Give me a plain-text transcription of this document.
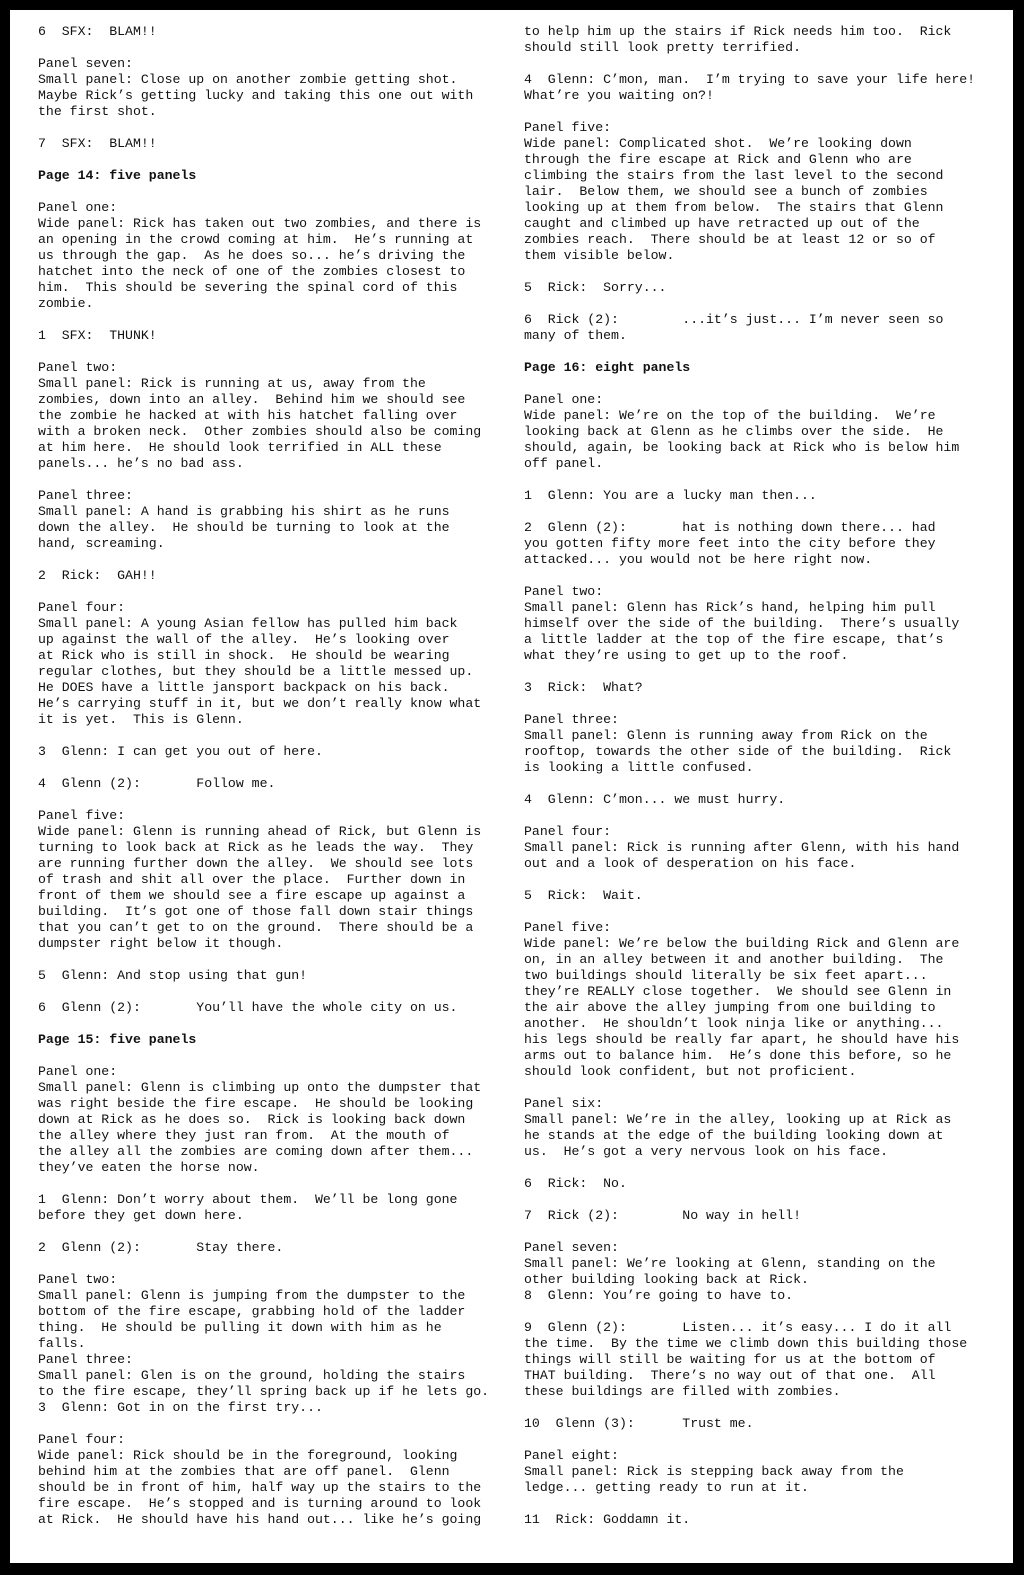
6  SFX:  BLAM!!
Panel seven:
Small panel: Close up on another zombie getting shot.
Maybe Rick’s getting lucky and taking this one out with
the first shot.
7  SFX:  BLAM!!
Page 14: five panels
Panel one:
Wide panel: Rick has taken out two zombies, and there is
an opening in the crowd coming at him.  He’s running at
us through the gap.  As he does so... he’s driving the
hatchet into the neck of one of the zombies closest to
him.  This should be severing the spinal cord of this
zombie.
1  SFX:  THUNK!
Panel two:
Small panel: Rick is running at us, away from the
zombies, down into an alley.  Behind him we should see
the zombie he hacked at with his hatchet falling over
with a broken neck.  Other zombies should also be coming
at him here.  He should look terrified in ALL these
panels... he’s no bad ass.
Panel three:
Small panel: A hand is grabbing his shirt as he runs
down the alley.  He should be turning to look at the
hand, screaming.
2  Rick:  GAH!!
Panel four:
Small panel: A young Asian fellow has pulled him back
up against the wall of the alley.  He’s looking over
at Rick who is still in shock.  He should be wearing
regular clothes, but they should be a little messed up.
He DOES have a little jansport backpack on his back.
He’s carrying stuff in it, but we don’t really know what
it is yet.  This is Glenn.
3  Glenn: I can get you out of here.
4  Glenn (2):       Follow me.
Panel five:
Wide panel: Glenn is running ahead of Rick, but Glenn is
turning to look back at Rick as he leads the way.  They
are running further down the alley.  We should see lots
of trash and shit all over the place.  Further down in
front of them we should see a fire escape up against a
building.  It’s got one of those fall down stair things
that you can’t get to on the ground.  There should be a
dumpster right below it though.
5  Glenn: And stop using that gun!
6  Glenn (2):       You’ll have the whole city on us.
Page 15: five panels
Panel one:
Small panel: Glenn is climbing up onto the dumpster that
was right beside the fire escape.  He should be looking
down at Rick as he does so.  Rick is looking back down
the alley where they just ran from.  At the mouth of
the alley all the zombies are coming down after them...
they’ve eaten the horse now.
1  Glenn: Don’t worry about them.  We’ll be long gone
before they get down here.
2  Glenn (2):       Stay there.
Panel two:
Small panel: Glenn is jumping from the dumpster to the
bottom of the fire escape, grabbing hold of the ladder
thing.  He should be pulling it down with him as he
falls.
Panel three:
Small panel: Glen is on the ground, holding the stairs
to the fire escape, they’ll spring back up if he lets go.
3  Glenn: Got in on the first try...
Panel four:
Wide panel: Rick should be in the foreground, looking
behind him at the zombies that are off panel.  Glenn
should be in front of him, half way up the stairs to the
fire escape.  He’s stopped and is turning around to look
at Rick.  He should have his hand out... like he’s going
to help him up the stairs if Rick needs him too.  Rick
should still look pretty terrified.
4  Glenn: C’mon, man.  I’m trying to save your life here!
What’re you waiting on?!
Panel five:
Wide panel: Complicated shot.  We’re looking down
through the fire escape at Rick and Glenn who are
climbing the stairs from the last level to the second
lair.  Below them, we should see a bunch of zombies
looking up at them from below.  The stairs that Glenn
caught and climbed up have retracted up out of the
zombies reach.  There should be at least 12 or so of
them visible below.
5  Rick:  Sorry...
6  Rick (2):        ...it’s just... I’m never seen so
many of them.
Page 16: eight panels
Panel one:
Wide panel: We’re on the top of the building.  We’re
looking back at Glenn as he climbs over the side.  He
should, again, be looking back at Rick who is below him
off panel.
1  Glenn: You are a lucky man then...
2  Glenn (2):       hat is nothing down there... had
you gotten fifty more feet into the city before they
attacked... you would not be here right now.
Panel two:
Small panel: Glenn has Rick’s hand, helping him pull
himself over the side of the building.  There’s usually
a little ladder at the top of the fire escape, that’s
what they’re using to get up to the roof.
3  Rick:  What?
Panel three:
Small panel: Glenn is running away from Rick on the
rooftop, towards the other side of the building.  Rick
is looking a little confused.
4  Glenn: C’mon... we must hurry.
Panel four:
Small panel: Rick is running after Glenn, with his hand
out and a look of desperation on his face.
5  Rick:  Wait.
Panel five:
Wide panel: We’re below the building Rick and Glenn are
on, in an alley between it and another building.  The
two buildings should literally be six feet apart...
they’re REALLY close together.  We should see Glenn in
the air above the alley jumping from one building to
another.  He shouldn’t look ninja like or anything...
his legs should be really far apart, he should have his
arms out to balance him.  He’s done this before, so he
should look confident, but not proficient.
Panel six:
Small panel: We’re in the alley, looking up at Rick as
he stands at the edge of the building looking down at
us.  He’s got a very nervous look on his face.
6  Rick:  No.
7  Rick (2):        No way in hell!
Panel seven:
Small panel: We’re looking at Glenn, standing on the
other building looking back at Rick.
8  Glenn: You’re going to have to.
9  Glenn (2):       Listen... it’s easy... I do it all
the time.  By the time we climb down this building those
things will still be waiting for us at the bottom of
THAT building.  There’s no way out of that one.  All
these buildings are filled with zombies.
10  Glenn (3):      Trust me.
Panel eight:
Small panel: Rick is stepping back away from the
ledge... getting ready to run at it.
11  Rick: Goddamn it.
